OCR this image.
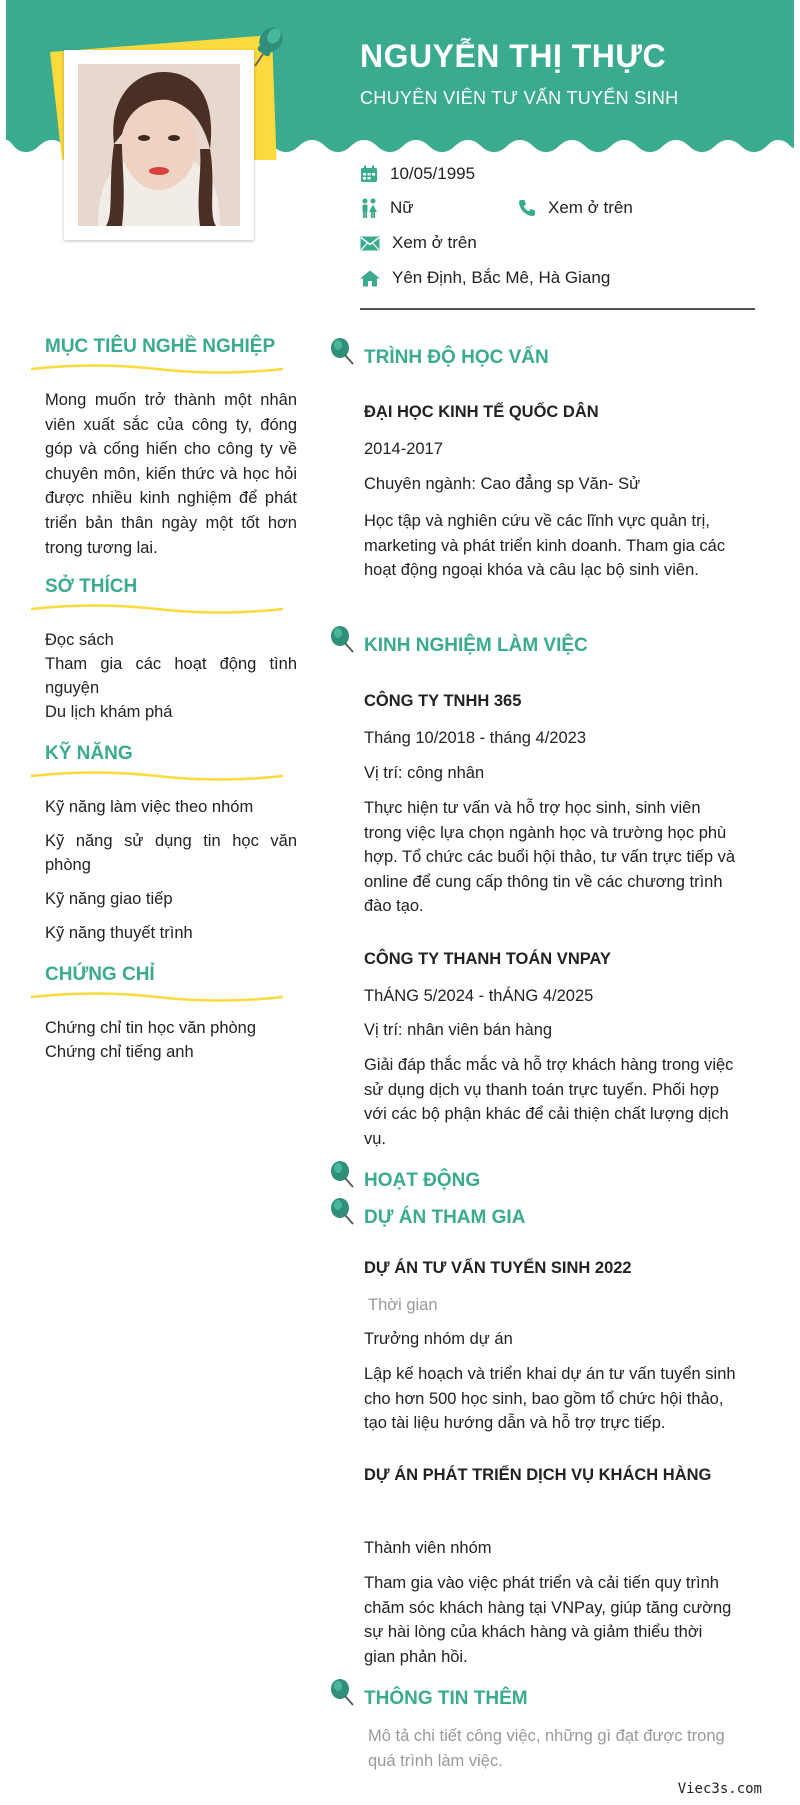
NGUYỄN THỊ THỰC
CHUYÊN VIÊN TƯ VẤN TUYỂN SINH
10/05/1995
Nữ	Xem ở trên
Xem ở trên
Yên Định, Bắc Mê, Hà Giang
MỤC TIÊU NGHỀ NGHIỆP
Mong muốn trở thành một nhân viên xuất sắc của công ty, đóng góp và cống hiến cho công ty về chuyên môn, kiến thức và học hỏi được nhiều kinh nghiệm để phát triển bản thân ngày một tốt hơn trong tương lai.
SỞ THÍCH
Đọc sách
Tham gia các hoạt động tình nguyện
Du lịch khám phá
KỸ NĂNG
Kỹ năng làm việc theo nhóm
Kỹ năng sử dụng tin học văn phòng
Kỹ năng giao tiếp
Kỹ năng thuyết trình
CHỨNG CHỈ
Chứng chỉ tin học văn phòng
Chứng chỉ tiếng anh
TRÌNH ĐỘ HỌC VẤN
ĐẠI HỌC KINH TẾ QUỐC DÂN
2014-2017
Chuyên ngành: Cao đẳng sp Văn- Sử
Học tập và nghiên cứu về các lĩnh vực quản trị, marketing và phát triển kinh doanh. Tham gia các hoạt động ngoại khóa và câu lạc bộ sinh viên.
KINH NGHIỆM LÀM VIỆC
CÔNG TY TNHH 365
Tháng 10/2018 - tháng 4/2023
Vị trí: công nhân
Thực hiện tư vấn và hỗ trợ học sinh, sinh viên trong việc lựa chọn ngành học và trường học phù hợp. Tổ chức các buổi hội thảo, tư vấn trực tiếp và online để cung cấp thông tin về các chương trình đào tạo.
CÔNG TY THANH TOÁN VNPAY
ThÁNG 5/2024 - thÁNG 4/2025
Vị trí: nhân viên bán hàng
Giải đáp thắc mắc và hỗ trợ khách hàng trong việc sử dụng dịch vụ thanh toán trực tuyến. Phối hợp với các bộ phận khác để cải thiện chất lượng dịch vụ.
HOẠT ĐỘNG
DỰ ÁN THAM GIA
DỰ ÁN TƯ VẤN TUYỂN SINH 2022
Thời gian
Trưởng nhóm dự án
Lập kế hoạch và triển khai dự án tư vấn tuyển sinh cho hơn 500 học sinh, bao gồm tổ chức hội thảo, tạo tài liệu hướng dẫn và hỗ trợ trực tiếp.
DỰ ÁN PHÁT TRIỂN DỊCH VỤ KHÁCH HÀNG
Thành viên nhóm
Tham gia vào việc phát triển và cải tiến quy trình chăm sóc khách hàng tại VNPay, giúp tăng cường sự hài lòng của khách hàng và giảm thiểu thời gian phản hồi.
THÔNG TIN THÊM
Mô tả chi tiết công việc, những gì đạt được trong quá trình làm việc.
Viec3s.com
